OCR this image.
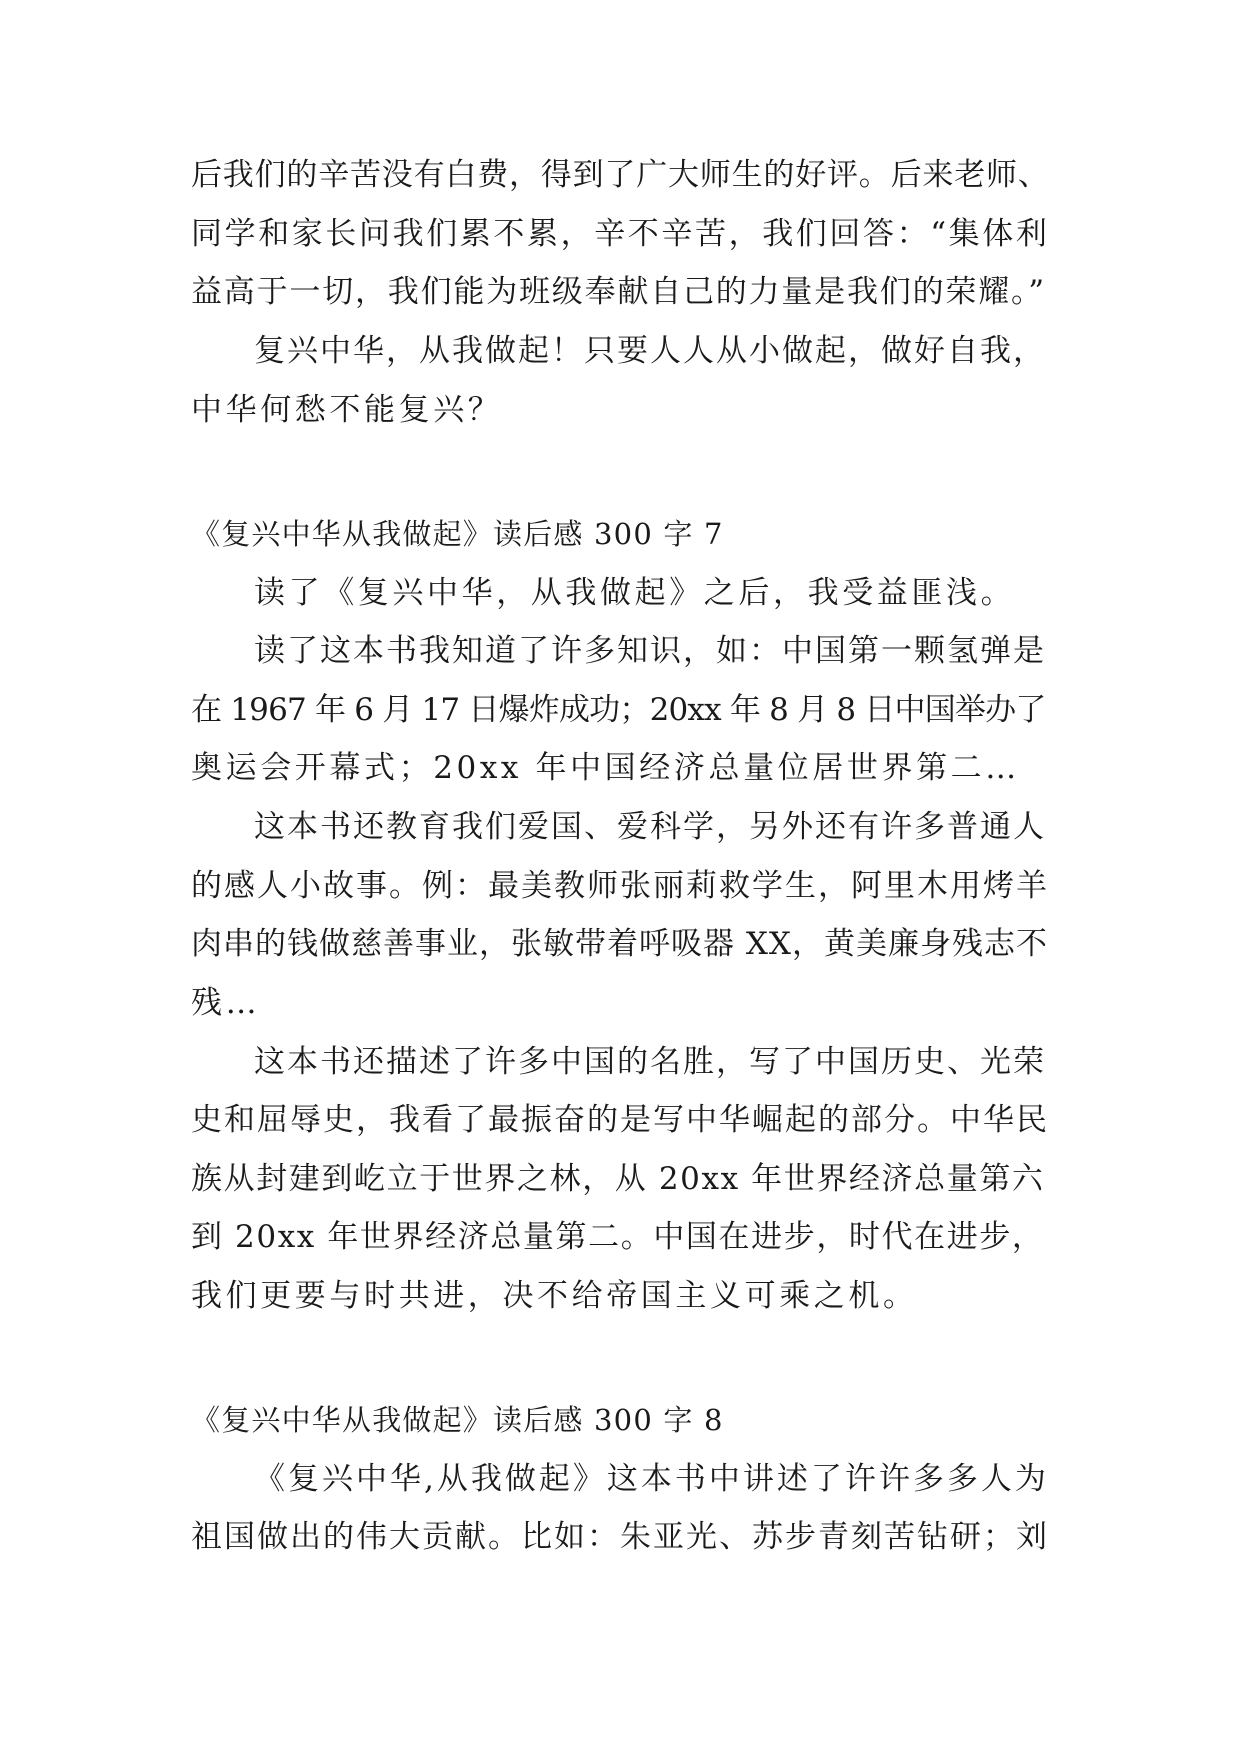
后我们的辛苦没有白费，得到了广大师生的好评。后来老师、
同学和家长问我们累不累，辛不辛苦，我们回答：“集体利
益高于一切，我们能为班级奉献自己的力量是我们的荣耀。”
复兴中华，从我做起！只要人人从小做起，做好自我，
中华何愁不能复兴？
《复兴中华从我做起》读后感 300 字 7
读了《复兴中华，从我做起》之后，我受益匪浅。
读了这本书我知道了许多知识，如：中国第一颗氢弹是
在 1967 年 6 月 17 日爆炸成功；20xx 年 8 月 8 日中国举办了
奥运会开幕式；20xx 年中国经济总量位居世界第二…
这本书还教育我们爱国、爱科学，另外还有许多普通人
的感人小故事。例：最美教师张丽莉救学生，阿里木用烤羊
肉串的钱做慈善事业，张敏带着呼吸器 XX，黄美廉身残志不
残…
这本书还描述了许多中国的名胜，写了中国历史、光荣
史和屈辱史，我看了最振奋的是写中华崛起的部分。中华民
族从封建到屹立于世界之林，从 20xx 年世界经济总量第六
到 20xx 年世界经济总量第二。中国在进步，时代在进步，
我们更要与时共进，决不给帝国主义可乘之机。
《复兴中华从我做起》读后感 300 字 8
《复兴中华,从我做起》这本书中讲述了许许多多人为
祖国做出的伟大贡献。比如：朱亚光、苏步青刻苦钻研；刘
